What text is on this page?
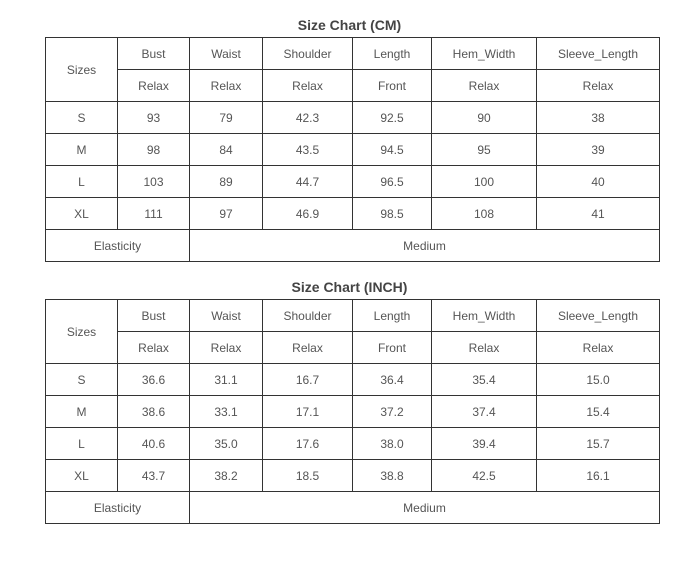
Size Chart (CM)
Sizes	Bust	Waist	Shoulder	Length	Hem_Width	Sleeve_Length
	Relax	Relax	Relax	Front	Relax	Relax
S	93	79	42.3	92.5	90	38
M	98	84	43.5	94.5	95	39
L	103	89	44.7	96.5	100	40
XL	111	97	46.9	98.5	108	41
Elasticity		Medium				
Size Chart (INCH)
Sizes	Bust	Waist	Shoulder	Length	Hem_Width	Sleeve_Length
	Relax	Relax	Relax	Front	Relax	Relax
S	36.6	31.1	16.7	36.4	35.4	15.0
M	38.6	33.1	17.1	37.2	37.4	15.4
L	40.6	35.0	17.6	38.0	39.4	15.7
XL	43.7	38.2	18.5	38.8	42.5	16.1
Elasticity		Medium				
